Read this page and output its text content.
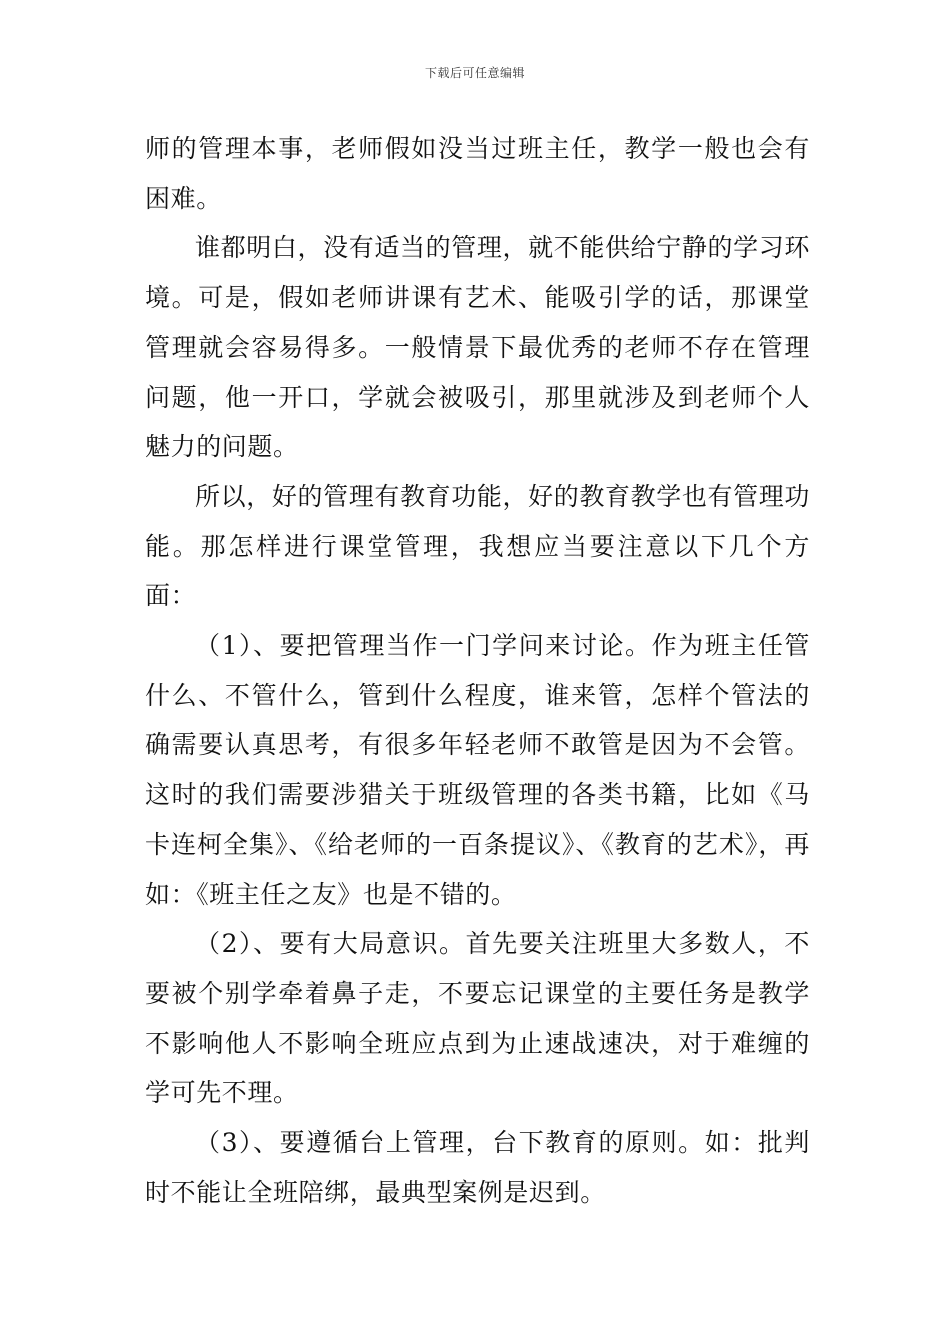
下载后可任意编辑

师的管理本事，老师假如没当过班主任，教学一般也会有困难。

谁都明白，没有适当的管理，就不能供给宁静的学习环境。可是，假如老师讲课有艺术、能吸引学的话，那课堂管理就会容易得多。一般情景下最优秀的老师不存在管理问题，他一开口，学就会被吸引，那里就涉及到老师个人魅力的问题。

所以，好的管理有教育功能，好的教育教学也有管理功能。那怎样进行课堂管理，我想应当要注意以下几个方面：

（1）、要把管理当作一门学问来讨论。作为班主任管什么、不管什么，管到什么程度，谁来管，怎样个管法的确需要认真思考，有很多年轻老师不敢管是因为不会管。这时的我们需要涉猎关于班级管理的各类书籍，比如《马卡连柯全集》、《给老师的一百条提议》、《教育的艺术》，再如：《班主任之友》也是不错的。

（2）、要有大局意识。首先要关注班里大多数人，不要被个别学牵着鼻子走，不要忘记课堂的主要任务是教学不影响他人不影响全班应点到为止速战速决，对于难缠的学可先不理。

（3）、要遵循台上管理，台下教育的原则。如：批判时不能让全班陪绑，最典型案例是迟到。
